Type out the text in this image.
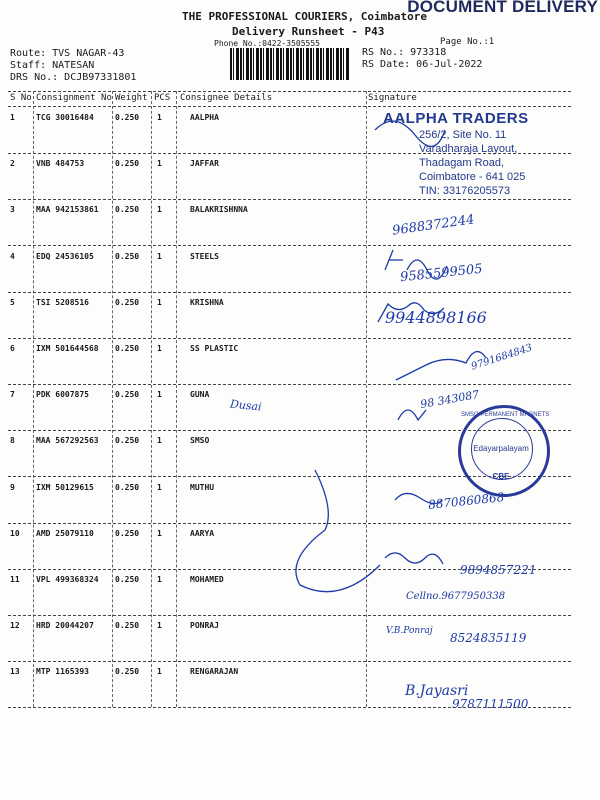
DOCUMENT DELIVERY
THE PROFESSIONAL COURIERS, Coimbatore
Delivery Runsheet - P43
Phone No.:0422-3505555	Page No.:1
Route: TVS NAGAR-43
Staff: NATESAN
DRS No.: DCJB97331801
RS No.: 973318
RS Date: 06-Jul-2022
S No Consignment No Weight PCS Consignee Details	Signature
1	TCG 30016484	0.250 1	AALPHA
2	VNB 484753	0.250 1	JAFFAR
3	MAA 942153861 0.250 1	BALAKRISHNNA
4	EDQ 24536105	0.250 1	STEELS
5	TSI 5208516	0.250 1	KRISHNA
6	IXM 501644568 0.250 1	SS PLASTIC
7	PDK 6007875	0.250 1	GUNA
8	MAA 567292563 0.250 1	SMSO
9	IXM 50129615	0.250 1	MUTHU
10 AMD 25079110	0.250 1	AARYA
11 VPL 499368324 0.250 1	MOHAMED
12 HRD 20044207	0.250 1	PONRAJ
13 MTP 1165393	0.250 1	RENGARAJAN
AALPHA TRADERS
256/2, Site No. 11
Varadharaja Layout,
Thadagam Road,
Coimbatore - 641 025
TIN: 33176205573
SMSO PERMANENT MAGNETS
Edayarpalayam
CBE
9688372244
9585599505
9944898166
9791684843
Dusai	98 343087
8870860868
9894857221
Cellno.9677950338
V.B.Ponraj 8524835119
B.Jayasri
9787111500
